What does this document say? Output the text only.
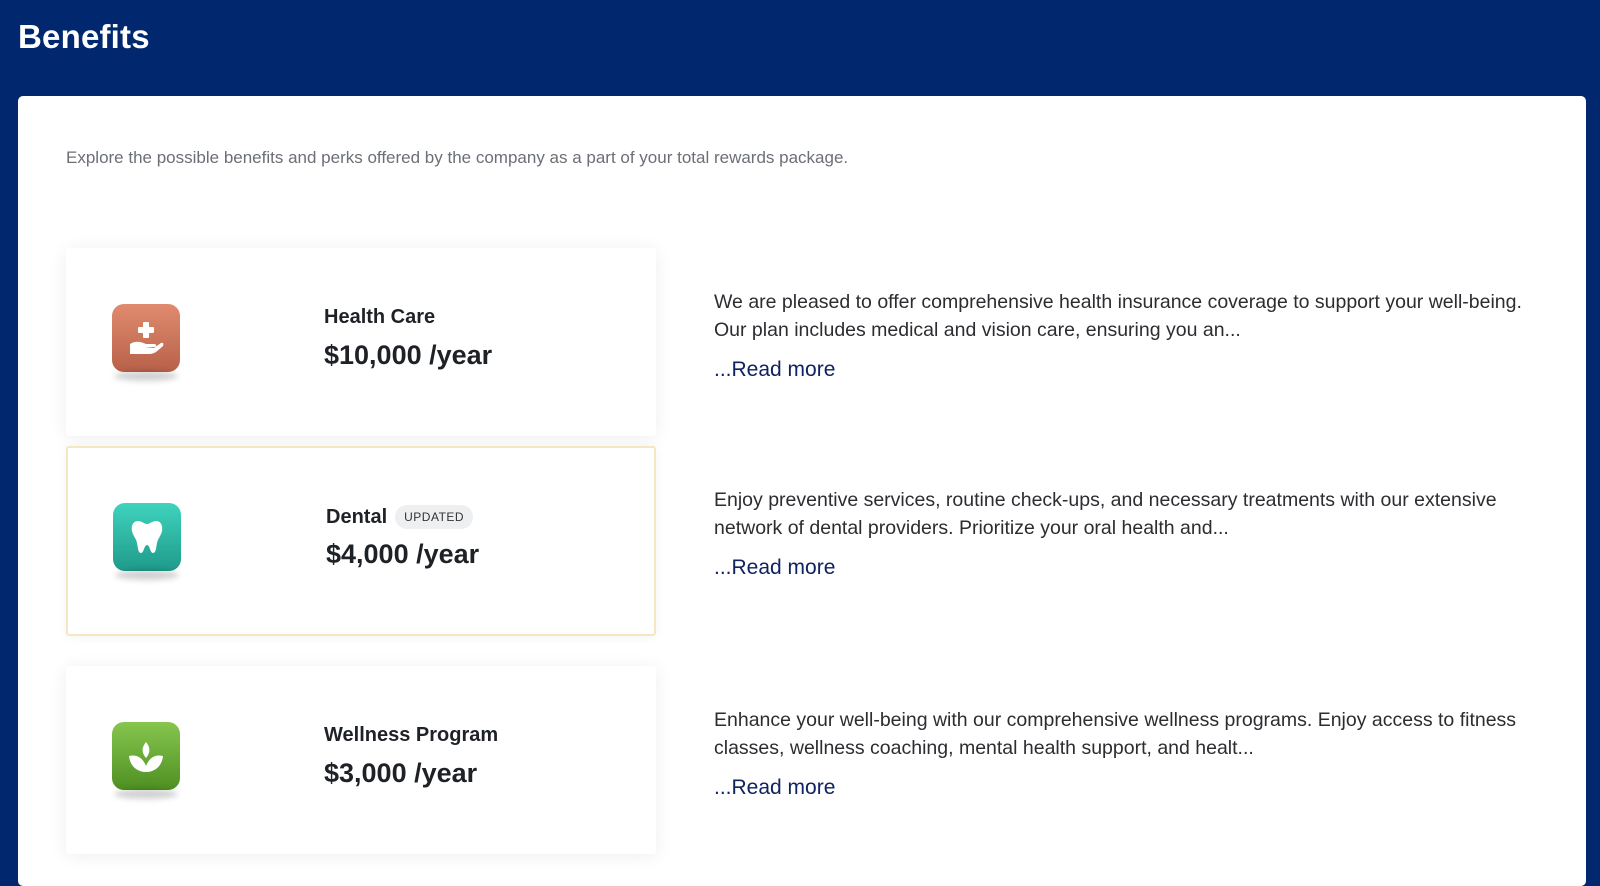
Benefits

Explore the possible benefits and perks offered by the company as a part of your total rewards package.

Health Care
$10,000 /year

We are pleased to offer comprehensive health insurance coverage to support your well-being. Our plan includes medical and vision care, ensuring you an...

...Read more
Dental	UPDATED
$4,000 /year

Enjoy preventive services, routine check-ups, and necessary treatments with our extensive network of dental providers. Prioritize your oral health and...

...Read more
Wellness Program
$3,000 /year

Enhance your well-being with our comprehensive wellness programs. Enjoy access to fitness classes, wellness coaching, mental health support, and healt...

...Read more
